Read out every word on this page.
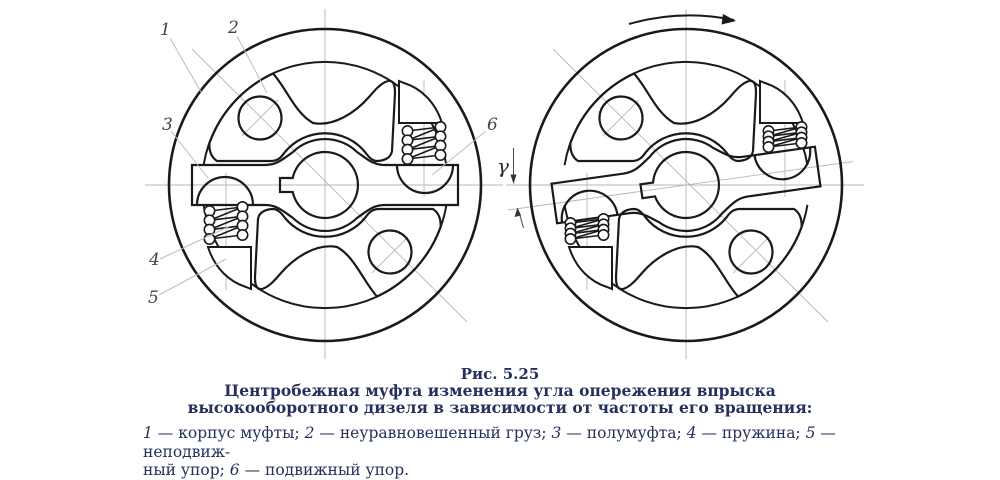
1	2
3
4
5
6
γ
Рис. 5.25
Центробежная муфта изменения угла опережения впрыска
высокооборотного дизеля в зависимости от частоты его вращения:
1 — корпус муфты; 2 — неуравновешенный груз; 3 — полумуфта; 4 — пружина; 5 — неподвиж-
ный упор; 6 — подвижный упор.
